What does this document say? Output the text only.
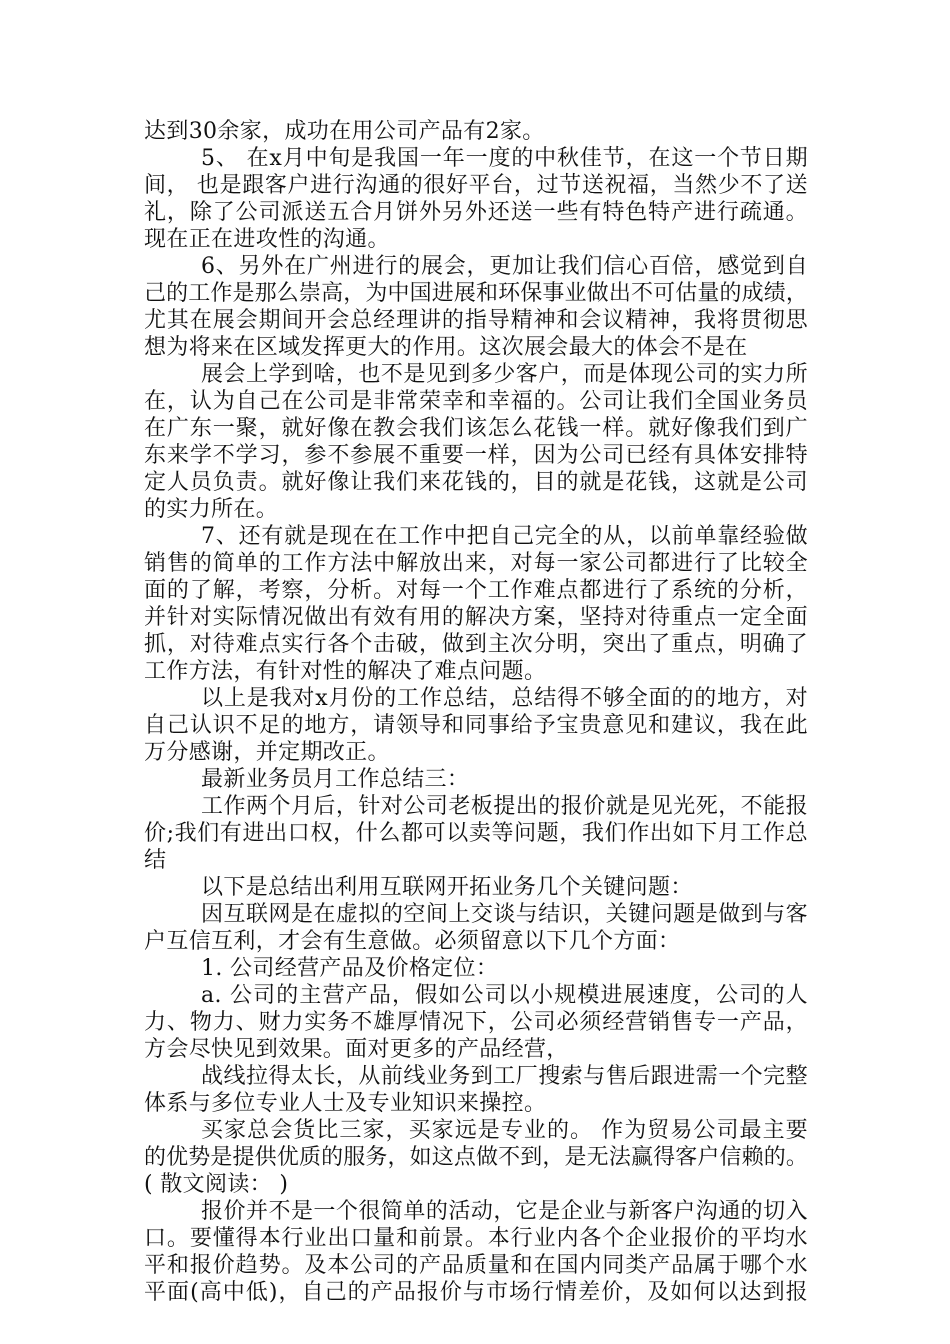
达到30余家，成功在用公司产品有2家。
5、 在x月中旬是我国一年一度的中秋佳节，在这一个节日期
间， 也是跟客户进行沟通的很好平台，过节送祝福，当然少不了送
礼，除了公司派送五合月饼外另外还送一些有特色特产进行疏通。
现在正在进攻性的沟通。
6、另外在广州进行的展会，更加让我们信心百倍，感觉到自
己的工作是那么崇高，为中国进展和环保事业做出不可估量的成绩，
尤其在展会期间开会总经理讲的指导精神和会议精神，我将贯彻思
想为将来在区域发挥更大的作用。这次展会最大的体会不是在
展会上学到啥，也不是见到多少客户，而是体现公司的实力所
在，认为自己在公司是非常荣幸和幸福的。公司让我们全国业务员
在广东一聚，就好像在教会我们该怎么花钱一样。就好像我们到广
东来学不学习，参不参展不重要一样，因为公司已经有具体安排特
定人员负责。就好像让我们来花钱的，目的就是花钱，这就是公司
的实力所在。
7、还有就是现在在工作中把自己完全的从，以前单靠经验做
销售的简单的工作方法中解放出来，对每一家公司都进行了比较全
面的了解，考察，分析。对每一个工作难点都进行了系统的分析，
并针对实际情况做出有效有用的解决方案，坚持对待重点一定全面
抓，对待难点实行各个击破，做到主次分明，突出了重点，明确了
工作方法，有针对性的解决了难点问题。
以上是我对x月份的工作总结，总结得不够全面的的地方，对
自己认识不足的地方，请领导和同事给予宝贵意见和建议，我在此
万分感谢，并定期改正。
最新业务员月工作总结三：
工作两个月后，针对公司老板提出的报价就是见光死，不能报
价;我们有进出口权，什么都可以卖等问题，我们作出如下月工作总
结
以下是总结出利用互联网开拓业务几个关键问题：
因互联网是在虚拟的空间上交谈与结识，关键问题是做到与客
户互信互利，才会有生意做。必须留意以下几个方面：
1. 公司经营产品及价格定位：
a. 公司的主营产品，假如公司以小规模进展速度，公司的人
力、物力、财力实务不雄厚情况下，公司必须经营销售专一产品，
方会尽快见到效果。面对更多的产品经营，
战线拉得太长，从前线业务到工厂搜索与售后跟进需一个完整
体系与多位专业人士及专业知识来操控。
买家总会货比三家，买家远是专业的。 作为贸易公司最主要
的优势是提供优质的服务，如这点做不到，是无法赢得客户信赖的。
( 散文阅读： )
报价并不是一个很简单的活动，它是企业与新客户沟通的切入
口。要懂得本行业出口量和前景。本行业内各个企业报价的平均水
平和报价趋势。及本公司的产品质量和在国内同类产品属于哪个水
平面(高中低)，自己的产品报价与市场行情差价，及如何以达到报
